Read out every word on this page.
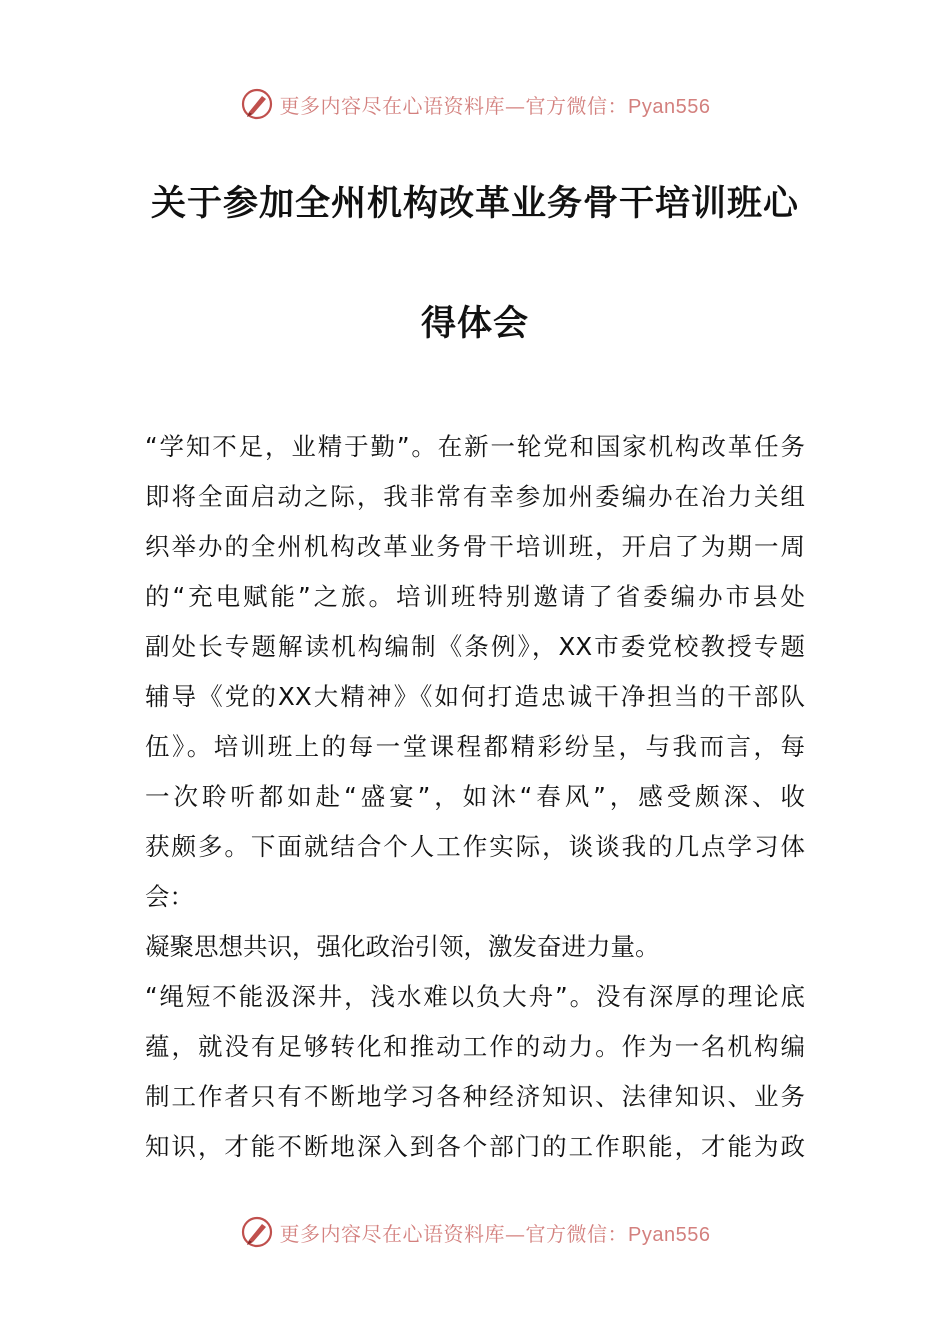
更多内容尽在心语资料库—官方微信：Pyan556
关于参加全州机构改革业务骨干培训班心
得体会
“学知不足，业精于勤”。在新一轮党和国家机构改革任务
即将全面启动之际，我非常有幸参加州委编办在冶力关组
织举办的全州机构改革业务骨干培训班，开启了为期一周
的“充电赋能”之旅。培训班特别邀请了省委编办市县处
副处长专题解读机构编制《条例》，XX市委党校教授专题
辅导《党的XX大精神》《如何打造忠诚干净担当的干部队
伍》。培训班上的每一堂课程都精彩纷呈，与我而言，每
一次聆听都如赴“盛宴”，如沐“春风”，感受颇深、收
获颇多。下面就结合个人工作实际，谈谈我的几点学习体
会：
凝聚思想共识，强化政治引领，激发奋进力量。
“绳短不能汲深井，浅水难以负大舟”。没有深厚的理论底
蕴，就没有足够转化和推动工作的动力。作为一名机构编
制工作者只有不断地学习各种经济知识、法律知识、业务
知识，才能不断地深入到各个部门的工作职能，才能为政
更多内容尽在心语资料库—官方微信：Pyan556
